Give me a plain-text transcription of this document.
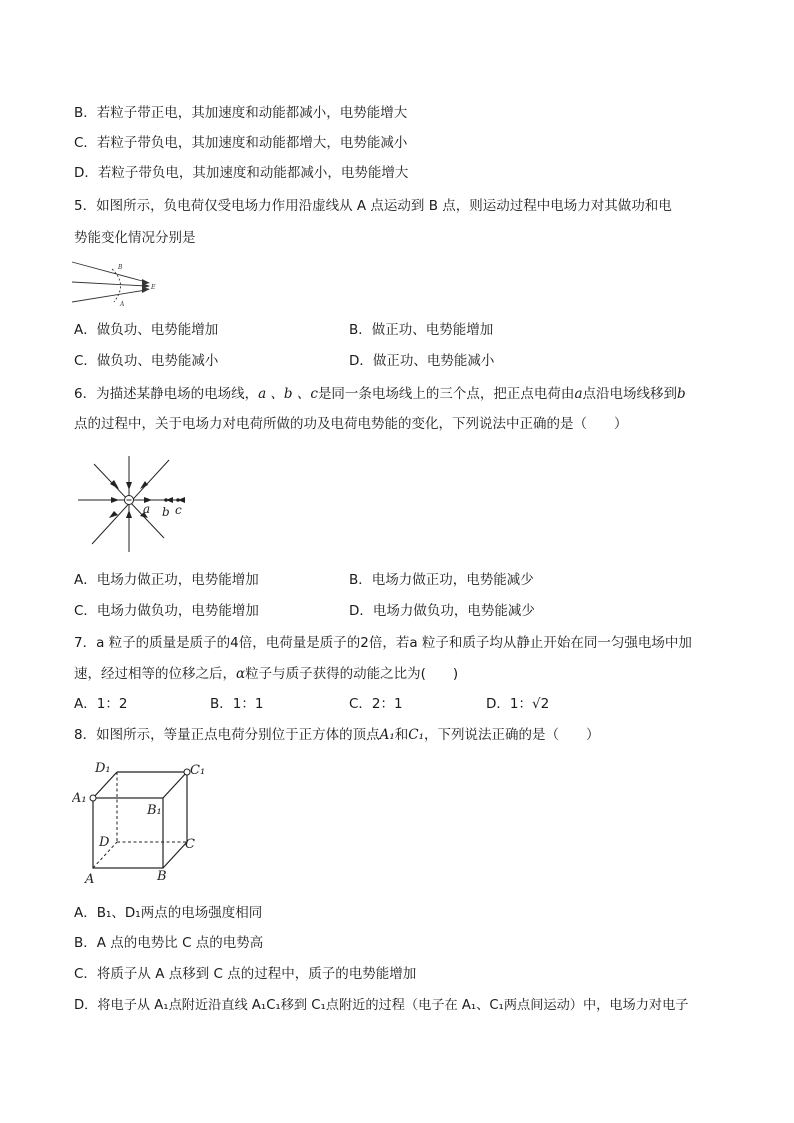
B．若粒子带正电，其加速度和动能都减小，电势能增大
C．若粒子带负电，其加速度和动能都增大，电势能减小
D．若粒子带负电，其加速度和动能都减小，电势能增大
5．如图所示，负电荷仅受电场力作用沿虚线从 A 点运动到 B 点，则运动过程中电场力对其做功和电
势能变化情况分别是
B
A
E
A．做负功、电势能增加	B．做正功、电势能增加
C．做负功、电势能减小	D．做正功、电势能减小
6．为描述某静电场的电场线，a 、b 、c是同一条电场线上的三个点，把正点电荷由a点沿电场线移到b
点的过程中，关于电场力对电荷所做的功及电荷电势能的变化，下列说法中正确的是（　　）
a b c
A．电场力做正功，电势能增加	B．电场力做正功，电势能减少
C．电场力做负功，电势能增加	D．电场力做负功，电势能减少
7．a 粒子的质量是质子的4倍，电荷量是质子的2倍，若a 粒子和质子均从静止开始在同一匀强电场中加
速，经过相等的位移之后，α粒子与质子获得的动能之比为(　　)
A．1：2	B．1：1	C．2：1	D．1：√2
8．如图所示，等量正点电荷分别位于正方体的顶点A₁和C₁，下列说法正确的是（　　）
D₁	C₁
A₁
B₁
D	C
A	B
A．B₁、D₁两点的电场强度相同
B．A 点的电势比 C 点的电势高
C．将质子从 A 点移到 C 点的过程中，质子的电势能增加
D．将电子从 A₁点附近沿直线 A₁C₁移到 C₁点附近的过程（电子在 A₁、C₁两点间运动）中，电场力对电子
